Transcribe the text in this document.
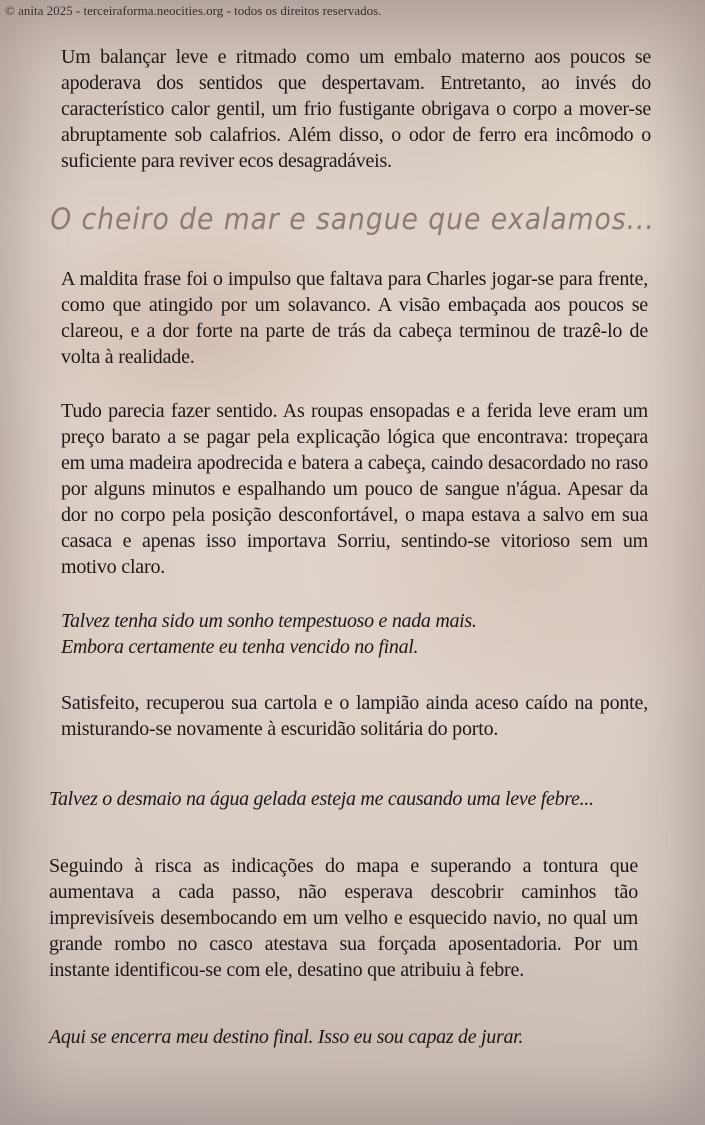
© anita 2025 - terceiraforma.neocities.org - todos os direitos reservados.

Um balançar leve e ritmado como um embalo materno aos poucos se apoderava dos sentidos que despertavam. Entretanto, ao invés do característico calor gentil, um frio fustigante obrigava o corpo a mover-se abruptamente sob calafrios. Além disso, o odor de ferro era incômodo o suficiente para reviver ecos desagradáveis.

O cheiro de mar e sangue que exalamos...

A maldita frase foi o impulso que faltava para Charles jogar-se para frente, como que atingido por um solavanco. A visão embaçada aos poucos se clareou, e a dor forte na parte de trás da cabeça terminou de trazê-lo de volta à realidade.

Tudo parecia fazer sentido. As roupas ensopadas e a ferida leve eram um preço barato a se pagar pela explicação lógica que encontrava: tropeçara em uma madeira apodrecida e batera a cabeça, caindo desacordado no raso por alguns minutos e espalhando um pouco de sangue n'água. Apesar da dor no corpo pela posição desconfortável, o mapa estava a salvo em sua casaca e apenas isso importava Sorriu, sentindo-se vitorioso sem um motivo claro.

Talvez tenha sido um sonho tempestuoso e nada mais.
Embora certamente eu tenha vencido no final.

Satisfeito, recuperou sua cartola e o lampião ainda aceso caído na ponte, misturando-se novamente à escuridão solitária do porto.

Talvez o desmaio na água gelada esteja me causando uma leve febre...

Seguindo à risca as indicações do mapa e superando a tontura que aumentava a cada passo, não esperava descobrir caminhos tão imprevisíveis desembocando em um velho e esquecido navio, no qual um grande rombo no casco atestava sua forçada aposentadoria. Por um instante identificou-se com ele, desatino que atribuiu à febre.

Aqui se encerra meu destino final. Isso eu sou capaz de jurar.
